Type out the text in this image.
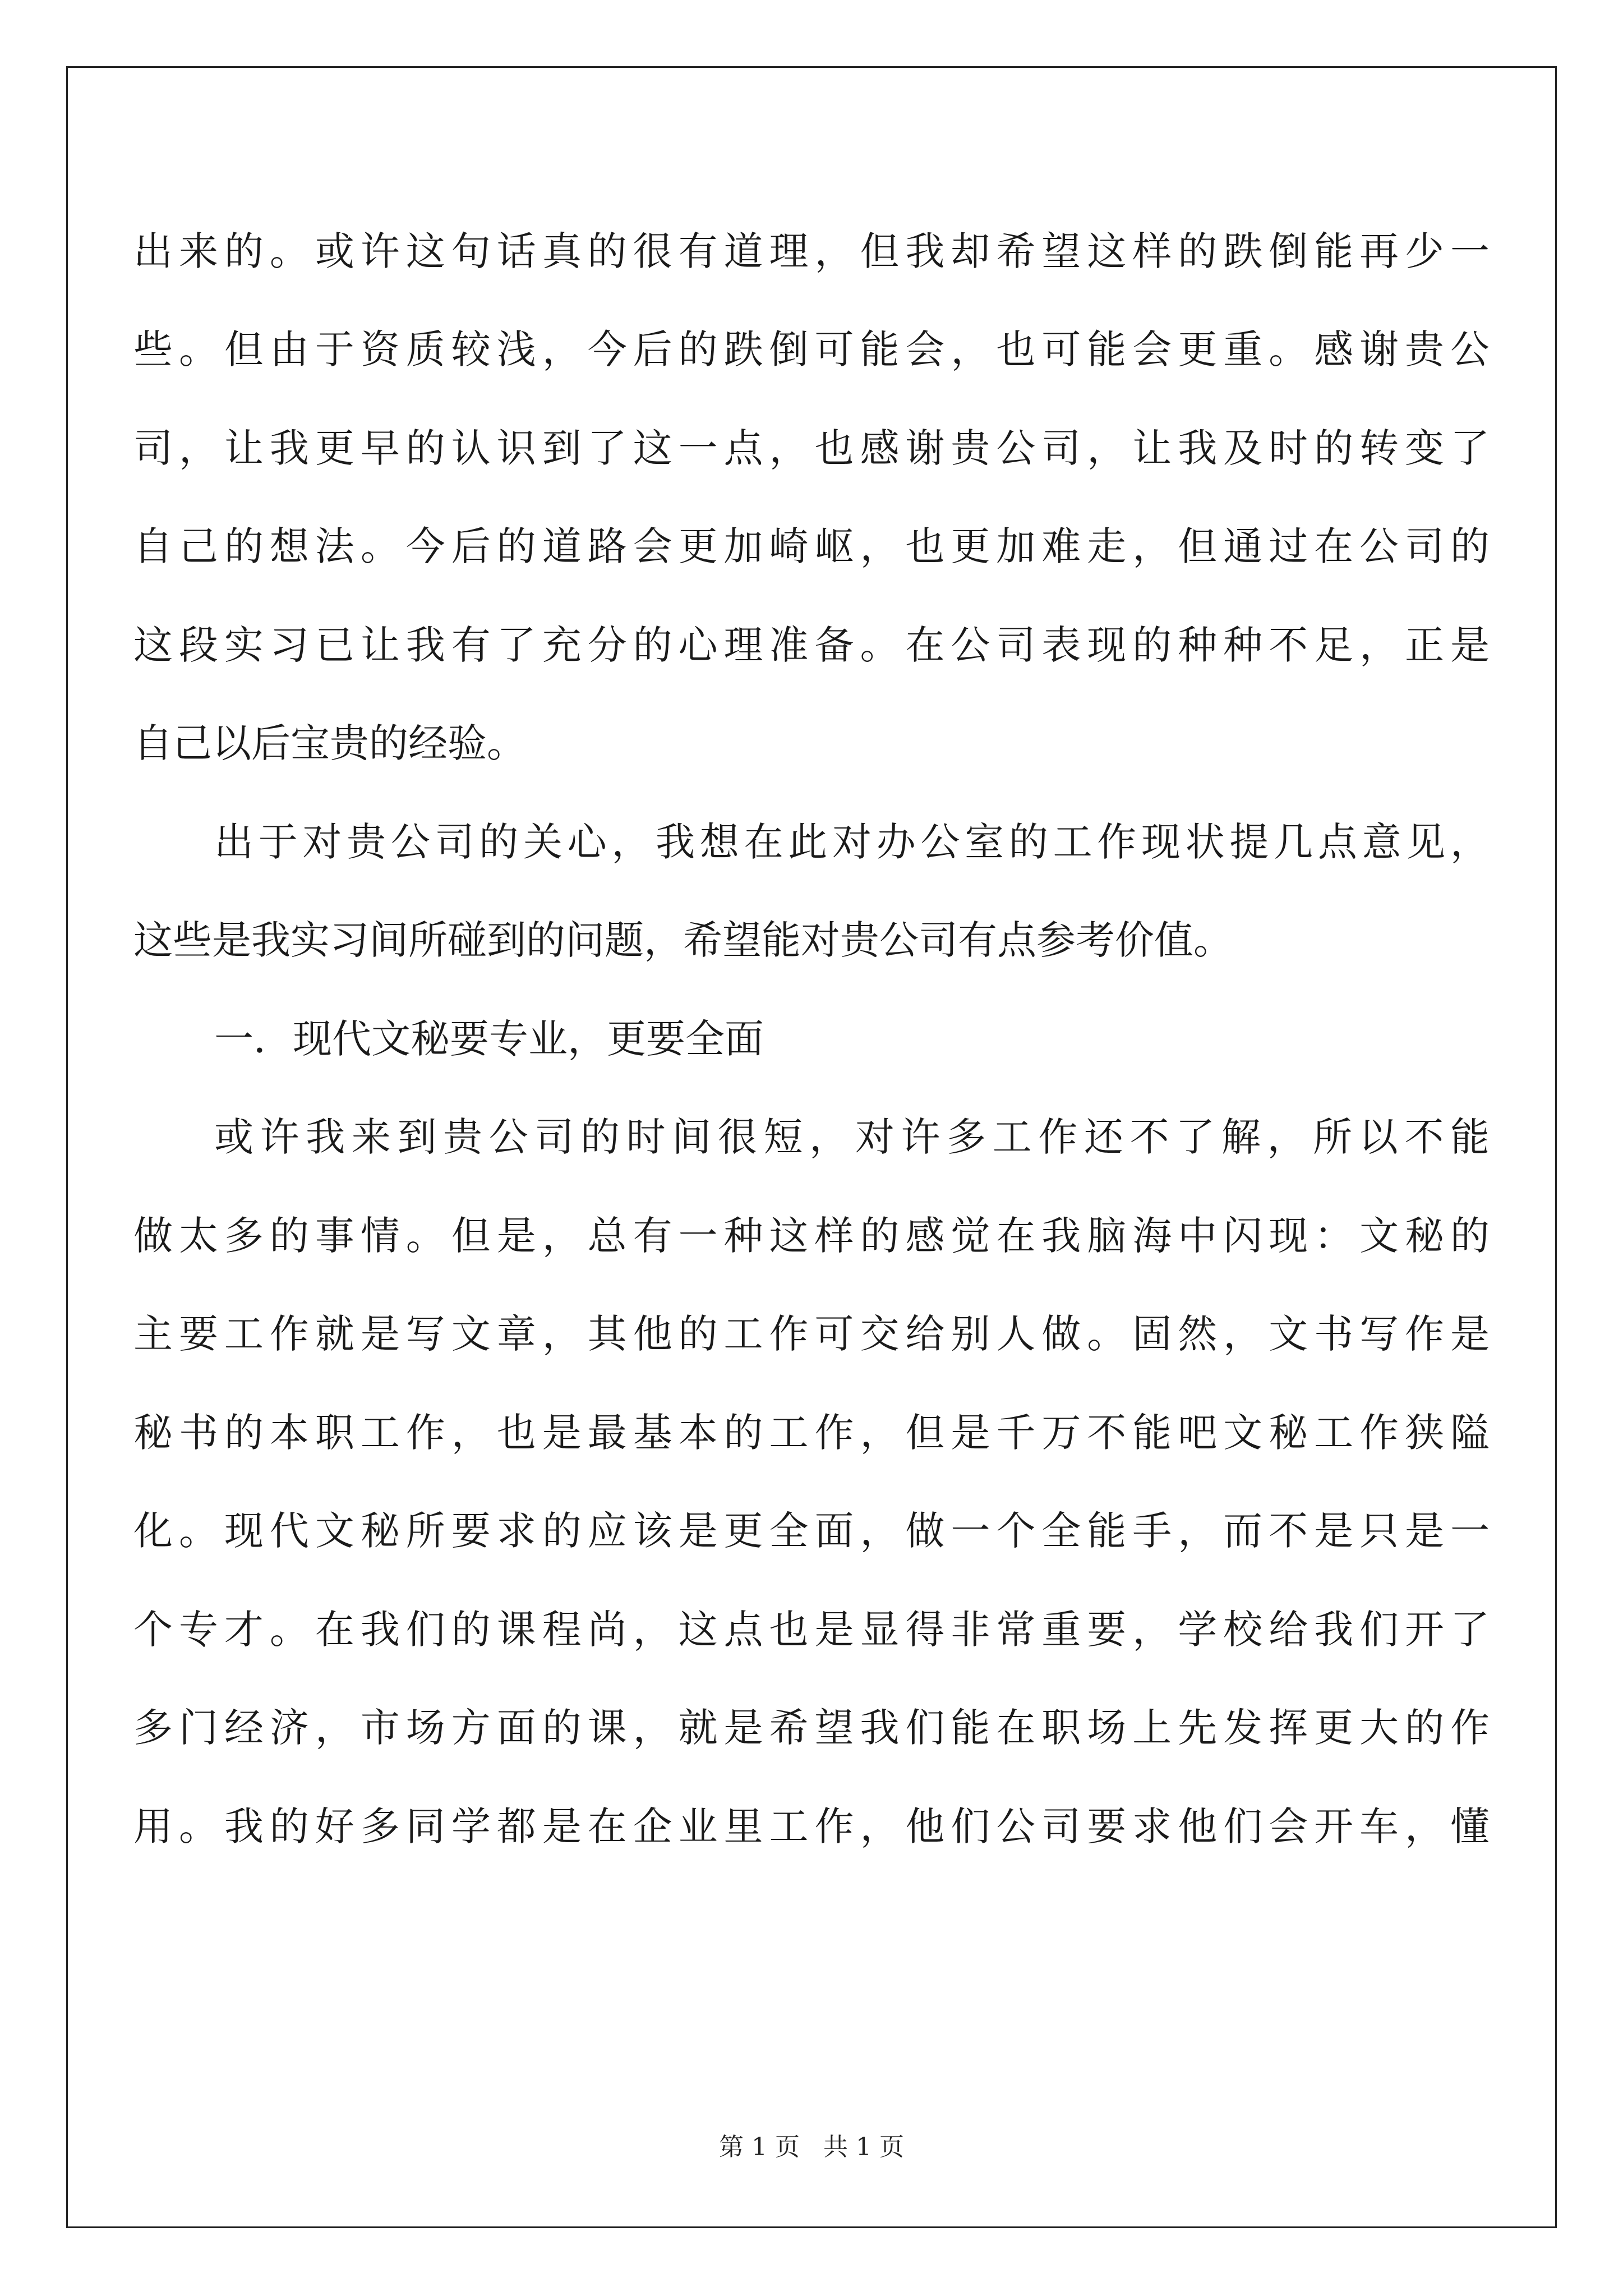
出来的。或许这句话真的很有道理，但我却希望这样的跌倒能再少一
些。但由于资质较浅，今后的跌倒可能会，也可能会更重。感谢贵公
司，让我更早的认识到了这一点，也感谢贵公司，让我及时的转变了
自己的想法。今后的道路会更加崎岖，也更加难走，但通过在公司的
这段实习已让我有了充分的心理准备。在公司表现的种种不足，正是
自己以后宝贵的经验。
出于对贵公司的关心，我想在此对办公室的工作现状提几点意见，
这些是我实习间所碰到的问题，希望能对贵公司有点参考价值。
一．现代文秘要专业，更要全面
或许我来到贵公司的时间很短，对许多工作还不了解，所以不能
做太多的事情。但是，总有一种这样的感觉在我脑海中闪现：文秘的
主要工作就是写文章，其他的工作可交给别人做。固然，文书写作是
秘书的本职工作，也是最基本的工作，但是千万不能吧文秘工作狭隘
化。现代文秘所要求的应该是更全面，做一个全能手，而不是只是一
个专才。在我们的课程尚，这点也是显得非常重要，学校给我们开了
多门经济，市场方面的课，就是希望我们能在职场上先发挥更大的作
用。我的好多同学都是在企业里工作，他们公司要求他们会开车，懂
第 1 页   共 1 页
